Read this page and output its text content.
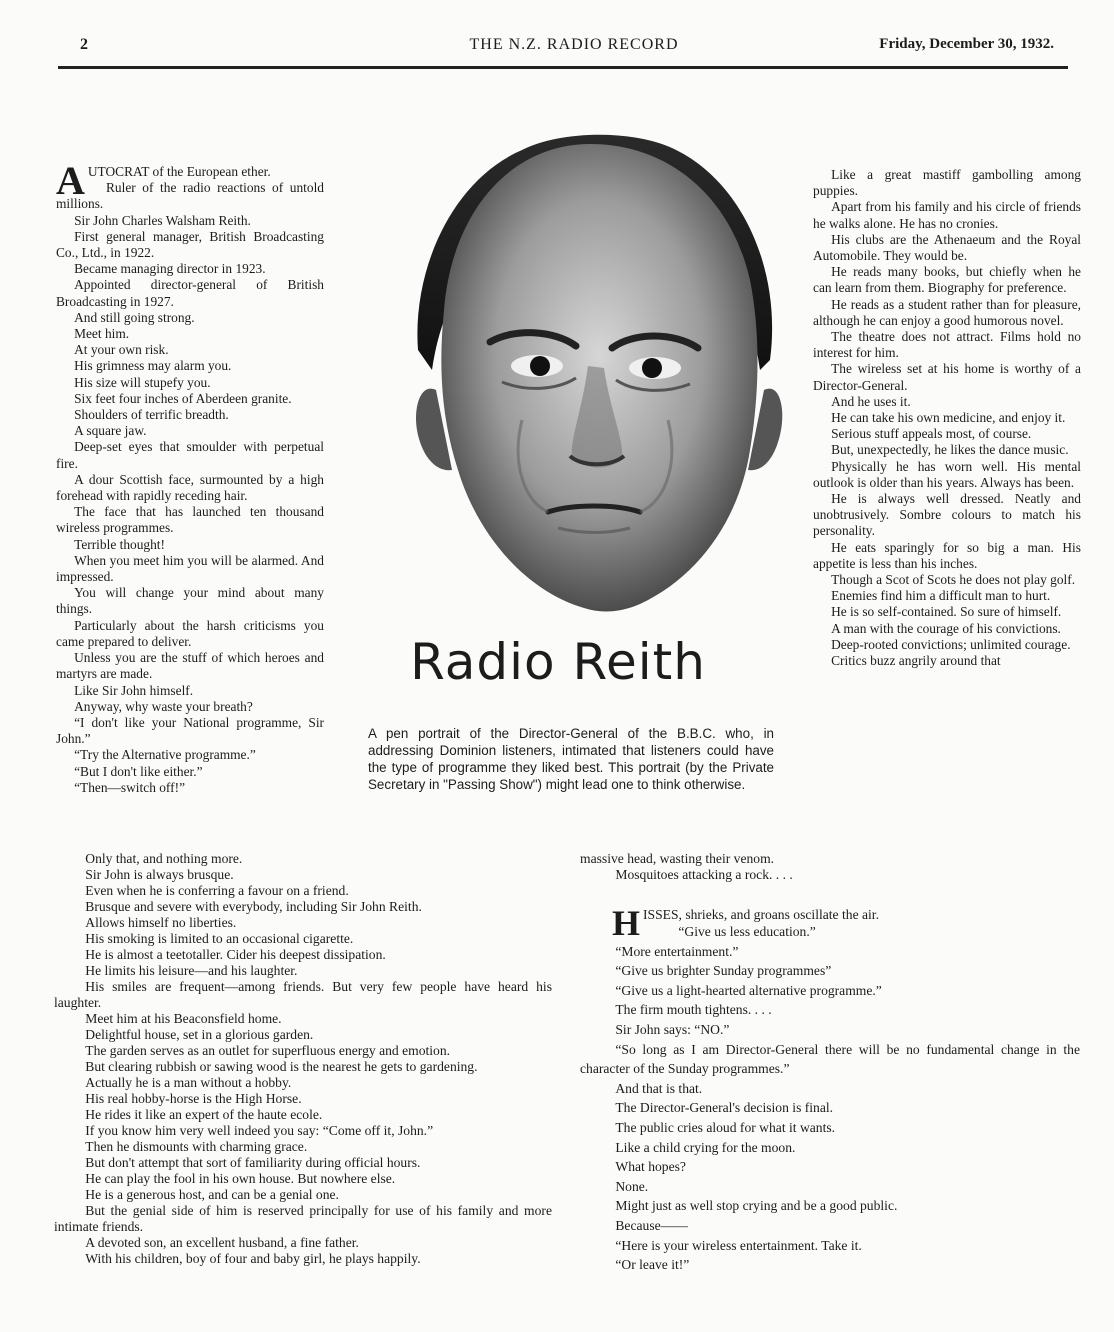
2	THE N.Z. RADIO RECORD	Friday, December 30, 1932.

AUTOCRAT of the European ether.

Ruler of the radio reactions of untold millions.

Sir John Charles Walsham Reith.

First general manager, British Broadcasting Co., Ltd., in 1922.

Became managing director in 1923.

Appointed director-general of British Broadcasting in 1927.

And still going strong.

Meet him.

At your own risk.

His grimness may alarm you.

His size will stupefy you.

Six feet four inches of Aberdeen granite.

Shoulders of terrific breadth.

A square jaw.

Deep-set eyes that smoulder with perpetual fire.

A dour Scottish face, surmounted by a high forehead with rapidly receding hair.

The face that has launched ten thousand wireless programmes.

Terrible thought!

When you meet him you will be alarmed. And impressed.

You will change your mind about many things.

Particularly about the harsh criticisms you came prepared to deliver.

Unless you are the stuff of which heroes and martyrs are made.

Like Sir John himself.

Anyway, why waste your breath?

“I don't like your National programme, Sir John.”

“Try the Alternative programme.”

“But I don't like either.”

“Then—switch off!”

Radio Reith
A pen portrait of the Director-General of the B.B.C. who, in addressing Dominion listeners, intimated that listeners could have the type of programme they liked best. This portrait (by the Private Secretary in "Passing Show") might lead one to think otherwise.

Like a great mastiff gambolling among puppies.

Apart from his family and his circle of friends he walks alone. He has no cronies.

His clubs are the Athenaeum and the Royal Automobile. They would be.

He reads many books, but chiefly when he can learn from them. Biography for preference.

He reads as a student rather than for pleasure, although he can enjoy a good humorous novel.

The theatre does not attract. Films hold no interest for him.

The wireless set at his home is worthy of a Director-General.

And he uses it.

He can take his own medicine, and enjoy it.

Serious stuff appeals most, of course.

But, unexpectedly, he likes the dance music.

Physically he has worn well. His mental outlook is older than his years. Always has been.

He is always well dressed. Neatly and unobtrusively. Sombre colours to match his personality.

He eats sparingly for so big a man. His appetite is less than his inches.

Though a Scot of Scots he does not play golf.

Enemies find him a difficult man to hurt.

He is so self-contained. So sure of himself.

A man with the courage of his convictions.

Deep-rooted convictions; unlimited courage.

Critics buzz angrily around that

Only that, and nothing more.

Sir John is always brusque.

Even when he is conferring a favour on a friend.

Brusque and severe with everybody, including Sir John Reith.

Allows himself no liberties.

His smoking is limited to an occasional cigarette.

He is almost a teetotaller. Cider his deepest dissipation.

He limits his leisure—and his laughter.

His smiles are frequent—among friends. But very few people have heard his laughter.

Meet him at his Beaconsfield home.

Delightful house, set in a glorious garden.

The garden serves as an outlet for superfluous energy and emotion.

But clearing rubbish or sawing wood is the nearest he gets to gardening.

Actually he is a man without a hobby.

His real hobby-horse is the High Horse.

He rides it like an expert of the haute ecole.

If you know him very well indeed you say: “Come off it, John.”

Then he dismounts with charming grace.

But don't attempt that sort of familiarity during official hours.

He can play the fool in his own house. But nowhere else.

He is a generous host, and can be a genial one.

But the genial side of him is reserved principally for use of his family and more intimate friends.

A devoted son, an excellent husband, a fine father.

With his children, boy of four and baby girl, he plays happily.

massive head, wasting their venom.

Mosquitoes attacking a rock. . . .

HISSES, shrieks, and groans oscillate the air.

“Give us less education.”

“More entertainment.”

“Give us brighter Sunday programmes”

“Give us a light-hearted alternative programme.”

The firm mouth tightens. . . .

Sir John says: “NO.”

“So long as I am Director-General there will be no fundamental change in the character of the Sunday programmes.”

And that is that.

The Director-General's decision is final.

The public cries aloud for what it wants.

Like a child crying for the moon.

What hopes?

None.

Might just as well stop crying and be a good public.

Because——

“Here is your wireless entertainment. Take it.

“Or leave it!”
